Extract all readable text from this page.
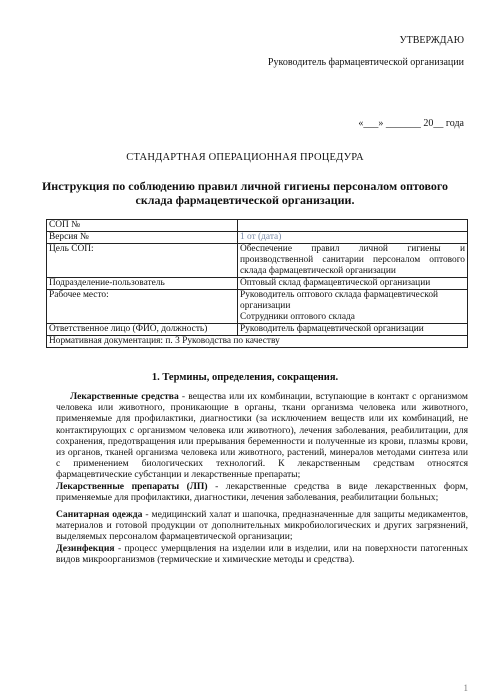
УТВЕРЖДАЮ
Руководитель фармацевтической организации
«___» _______ 20__ года
СТАНДАРТНАЯ ОПЕРАЦИОННАЯ ПРОЦЕДУРА
Инструкция по соблюдению правил личной гигиены персоналом оптового склада фармацевтической организации.
СОП №	
Версия №	1 от (дата)
Цель СОП:	Обеспечение правил личной гигиены и производственной санитарии персоналом оптового склада фармацевтической организации
Подразделение-пользователь	Оптовый склад фармацевтической организации
Рабочее место:	Руководитель оптового склада фармацевтической организации
Сотрудники оптового склада

Ответственное лицо (ФИО, должность)	Руководитель фармацевтической организации
Нормативная документация: п. 3 Руководства по качеству	
1. Термины, определения, сокращения.

Лекарственные средства - вещества или их комбинации, вступающие в контакт с организмом человека или животного, проникающие в органы, ткани организма человека или животного, применяемые для профилактики, диагностики (за исключением веществ или их комбинаций, не контактирующих с организмом человека или животного), лечения заболевания, реабилитации, для сохранения, предотвращения или прерывания беременности и полученные из крови, плазмы крови, из органов, тканей организма человека или животного, растений, минералов методами синтеза или с применением биологических технологий. К лекарственным средствам относятся фармацевтические субстанции и лекарственные препараты;

Лекарственные препараты (ЛП) - лекарственные средства в виде лекарственных форм, применяемые для профилактики, диагностики, лечения заболевания, реабилитации больных;

Санитарная одежда - медицинский халат и шапочка, предназначенные для защиты медикаментов, материалов и готовой продукции от дополнительных микробиологических и других загрязнений, выделяемых персоналом фармацевтической организации;

Дезинфекция - процесс умерщвления на изделии или в изделии, или на поверхности патогенных видов микроорганизмов (термические и химические методы и средства).

1
